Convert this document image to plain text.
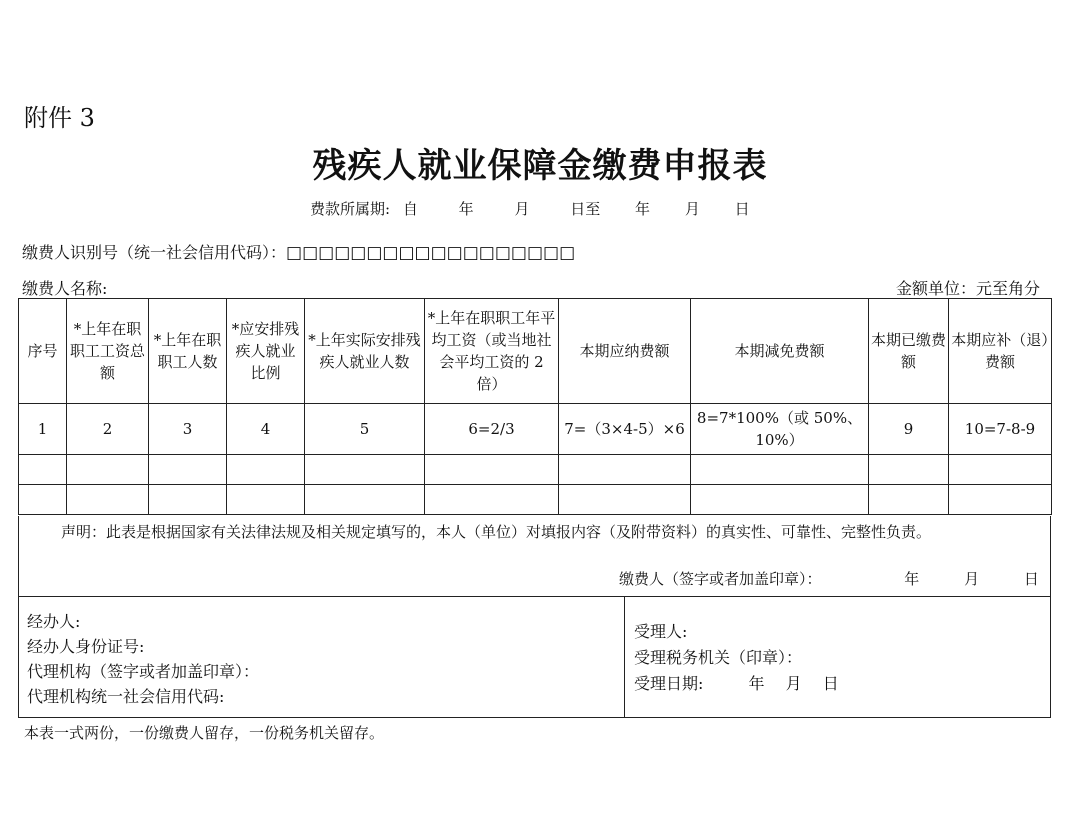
附件 3
残疾人就业保障金缴费申报表
费款所属期: 自	年	月	日至 年 月 日
缴费人识别号（统一社会信用代码）：□□□□□□□□□□□□□□□□□□
缴费人名称:	金额单位：元至角分
序号	*上年在职职工工资总额	*上年在职职工人数	*应安排残疾人就业比例	*上年实际安排残疾人就业人数	*上年在职职工年平均工资（或当地社会平均工资的 2 倍）	本期应纳费额	本期减免费额	本期已缴费额	本期应补（退）费额
1	2	3	4	5	6=2/3	7=（3×4-5）×6	8=7*100%（或 50%、10%）	9	10=7-8-9

声明：此表是根据国家有关法律法规及相关规定填写的，本人（单位）对填报内容（及附带资料）的真实性、可靠性、完整性负责。
缴费人（签字或者加盖印章）：	年	月	日
经办人:
经办人身份证号:
代理机构（签字或者加盖印章）：
代理机构统一社会信用代码:
受理人:
受理税务机关（印章）：
受理日期:	年 月 日
本表一式两份，一份缴费人留存，一份税务机关留存。
